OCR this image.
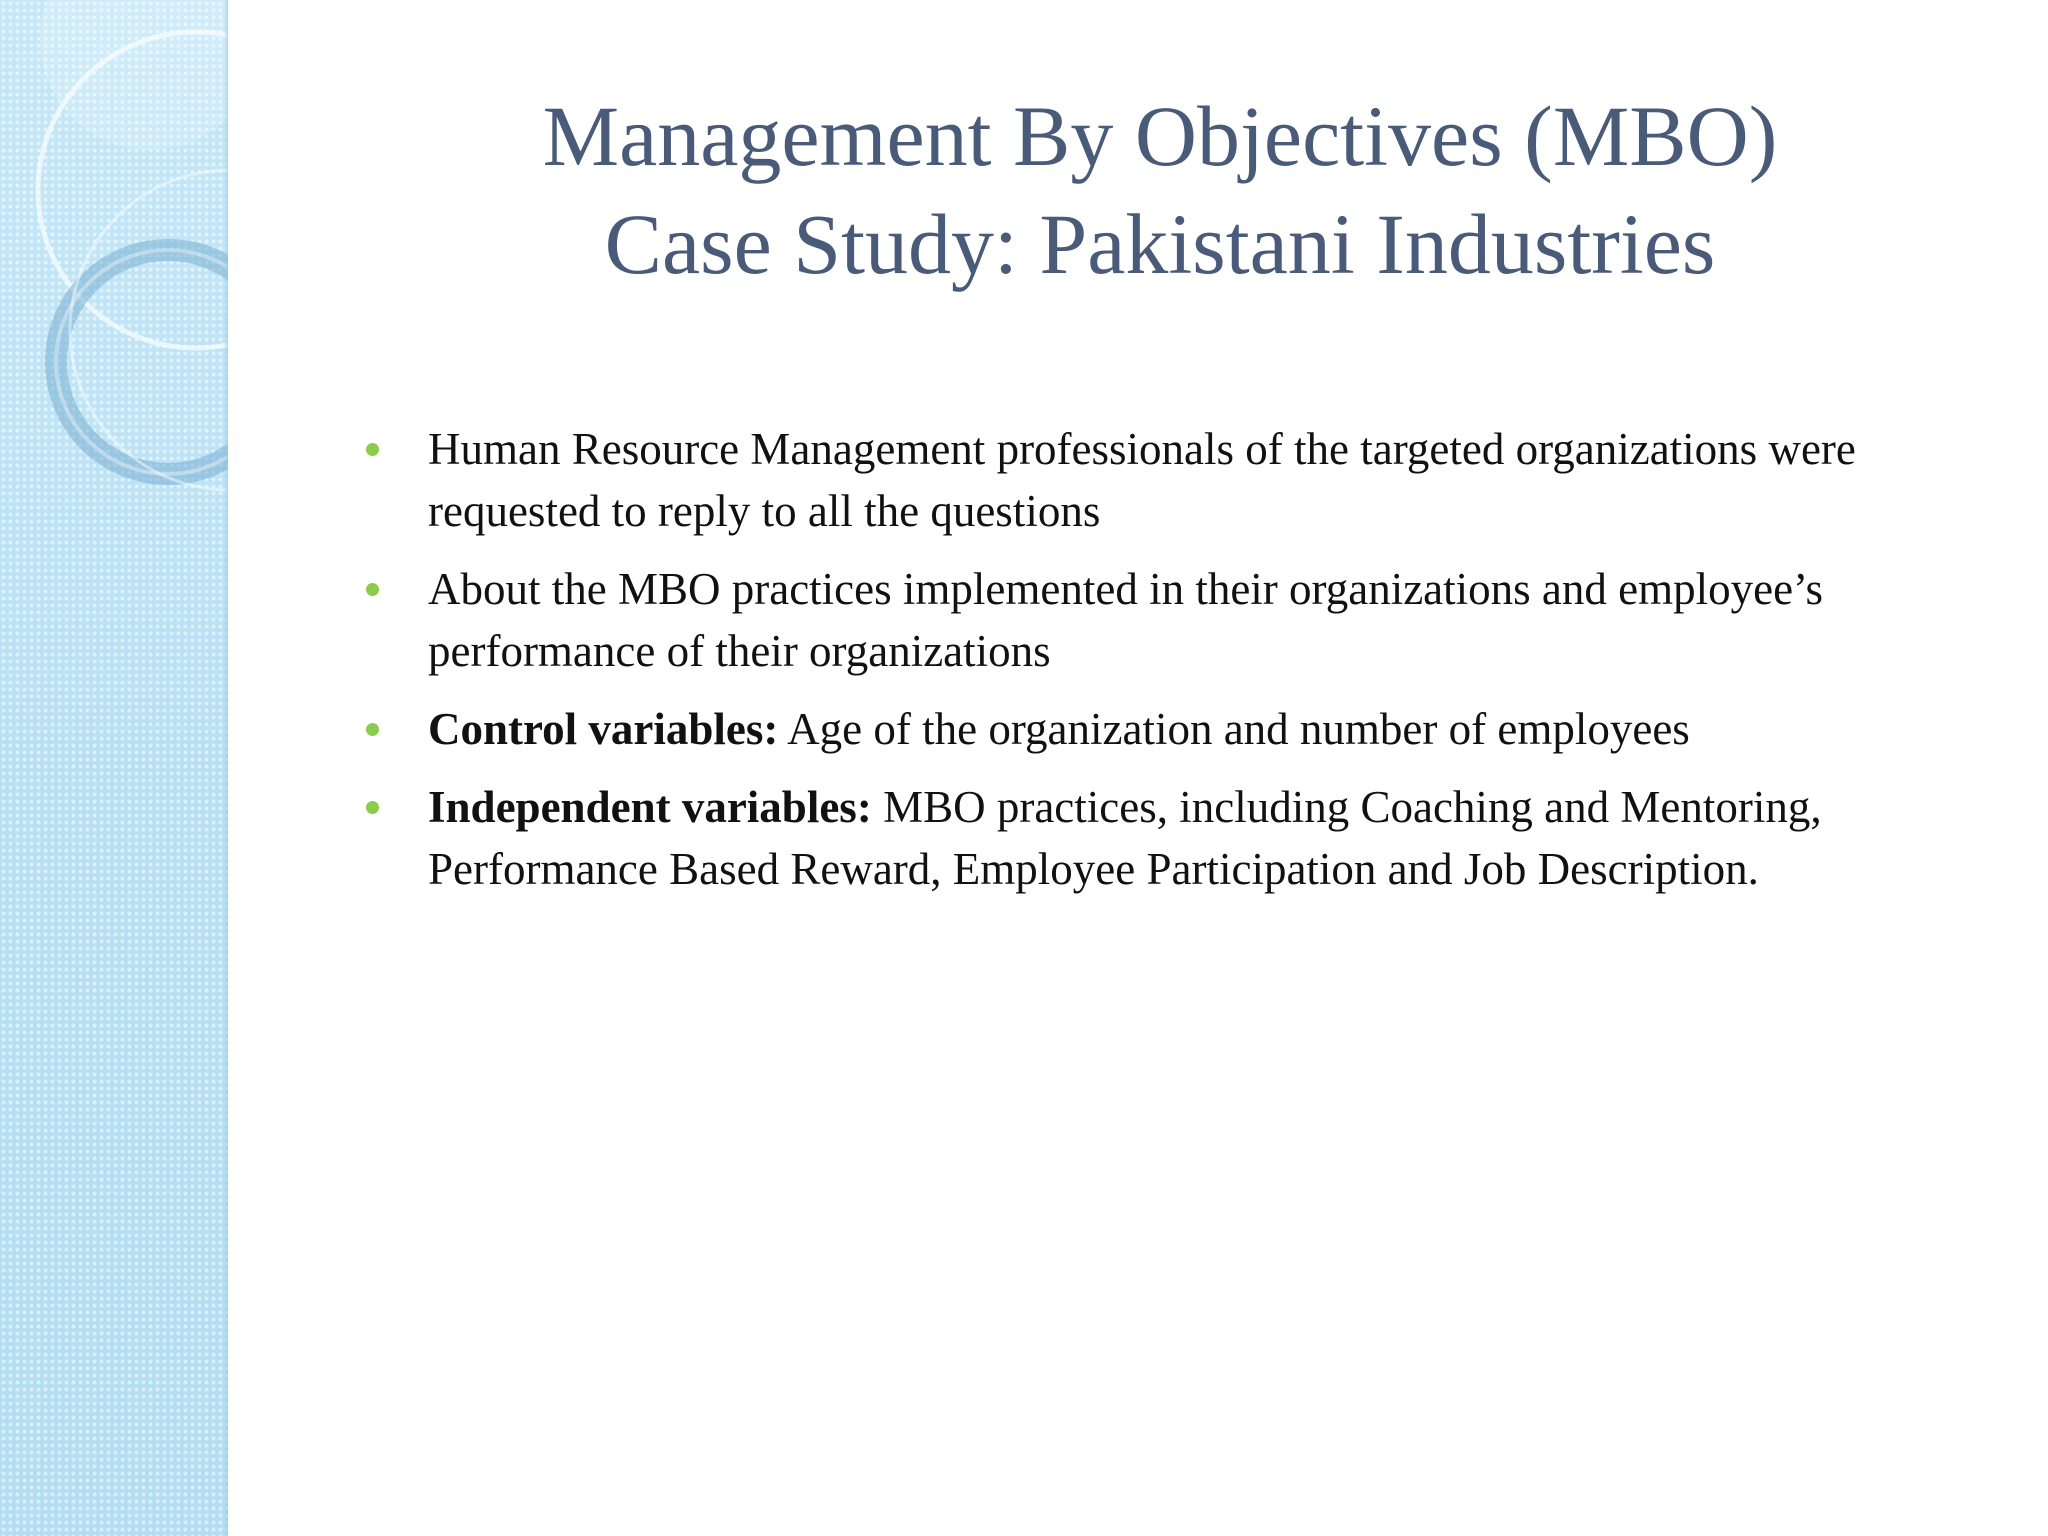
Management By Objectives (MBO)
Case Study: Pakistani Industries
Human Resource Management professionals of the targeted organizations were requested to reply to all the questions
About the MBO practices implemented in their organizations and employee’s performance of their organizations
Control variables: Age of the organization and number of employees
Independent variables: MBO practices, including Coaching and Mentoring, Performance Based Reward, Employee Participation and Job Description.
